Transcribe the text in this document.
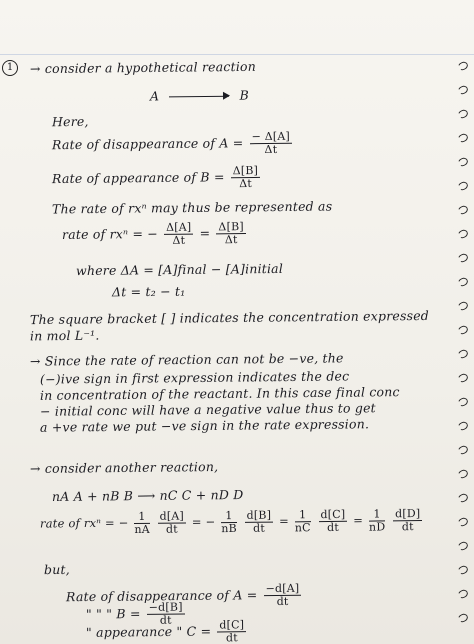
1	→ consider a hypothetical reaction
A	B
Here,
Rate of disappearance of $A = \frac{- \Delta[A]}{\Delta t}$
Rate of appearance of $B = \frac{\Delta[B]}{\Delta t}$
The rate of rxⁿ may thus be represented as
rate of rxⁿ = − $\frac{\Delta[A]}{\Delta t} = \frac{\Delta[B]}{\Delta t}$
where ΔA = [A]final − [A]initial
Δt = t₂ − t₁
The square bracket [ ] indicates the concentration expressed
in mol L⁻¹.
→ Since the rate of reaction can not be −ve, the
(−)ive sign in first expression indicates the dec
in concentration of the reactant. In this case final conc
− initial conc will have a negative value thus to get
a +ve rate we put −ve sign in the rate expression.
→ consider another reaction,
nA A + nB B ⟶ nC C + nD D
rate of rxⁿ = − $\frac{1}{nA}$
$\frac{d[A]}{dt}$ = − $\frac{1}{nB}$
$\frac{d[B]}{dt} = \frac{1}{nC}$
$\frac{d[C]}{dt} = \frac{1}{nD}$
$\frac{d[D]}{dt}$
but,
Rate of disappearance of $A = \frac{-d[A]}{dt}$
" " " $B = \frac{-d[B]}{dt}$
" appearance " $C = \frac{d[C]}{dt}$
